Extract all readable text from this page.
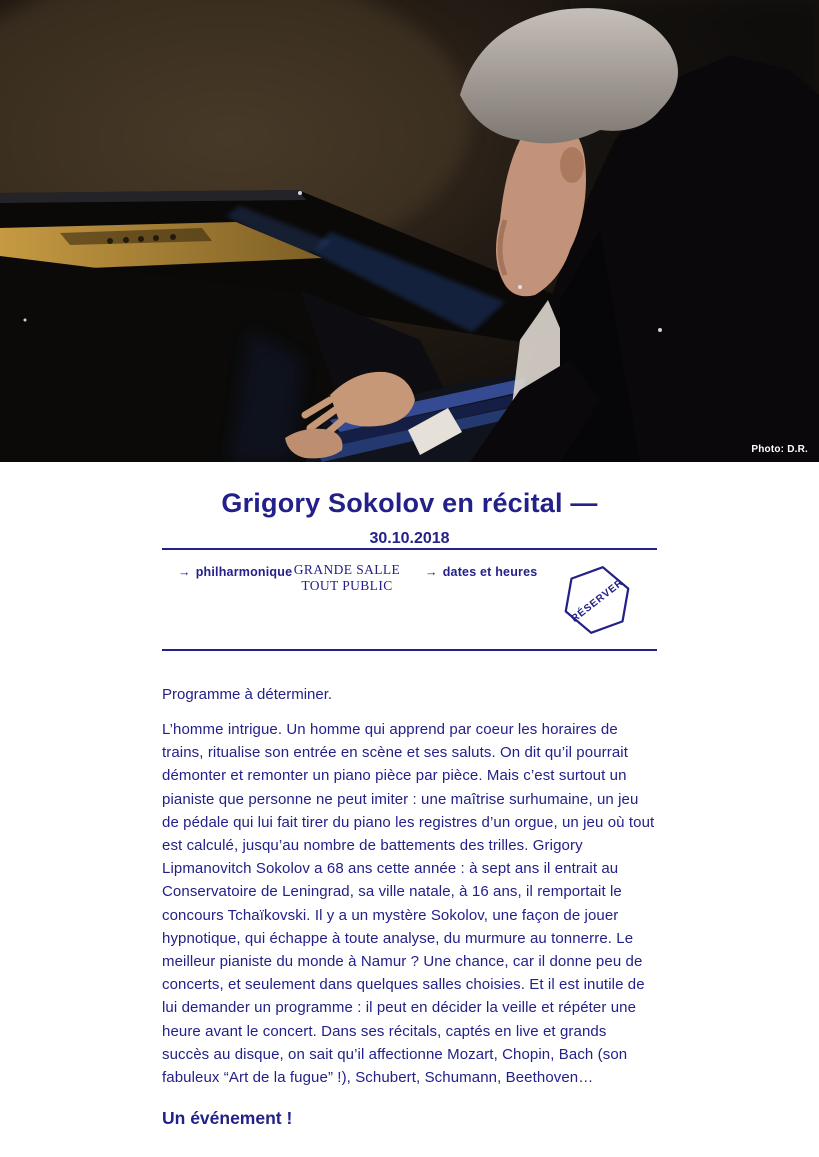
Photo: D.R.
Grigory Sokolov en récital —
30.10.2018
→ philharmonique GRANDE SALLE
TOUT PUBLIC
→ dates et heures
RÉSERVER

Programme à déterminer.

L’homme intrigue. Un homme qui apprend par coeur les horaires de trains, ritualise son entrée en scène et ses saluts. On dit qu’il pourrait démonter et remonter un piano pièce par pièce. Mais c’est surtout un pianiste que personne ne peut imiter : une maîtrise surhumaine, un jeu de pédale qui lui fait tirer du piano les registres d’un orgue, un jeu où tout est calculé, jusqu’au nombre de battements des trilles. Grigory Lipmanovitch Sokolov a 68 ans cette année : à sept ans il entrait au Conservatoire de Leningrad, sa ville natale, à 16 ans, il remportait le concours Tchaïkovski. Il y a un mystère Sokolov, une façon de jouer hypnotique, qui échappe à toute analyse, du murmure au tonnerre. Le meilleur pianiste du monde à Namur ? Une chance, car il donne peu de concerts, et seulement dans quelques salles choisies. Et il est inutile de lui demander un programme : il peut en décider la veille et répéter une heure avant le concert. Dans ses récitals, captés en live et grands succès au disque, on sait qu’il affectionne Mozart, Chopin, Bach (son fabuleux “Art de la fugue” !), Schubert, Schumann, Beethoven…

Un événement !
